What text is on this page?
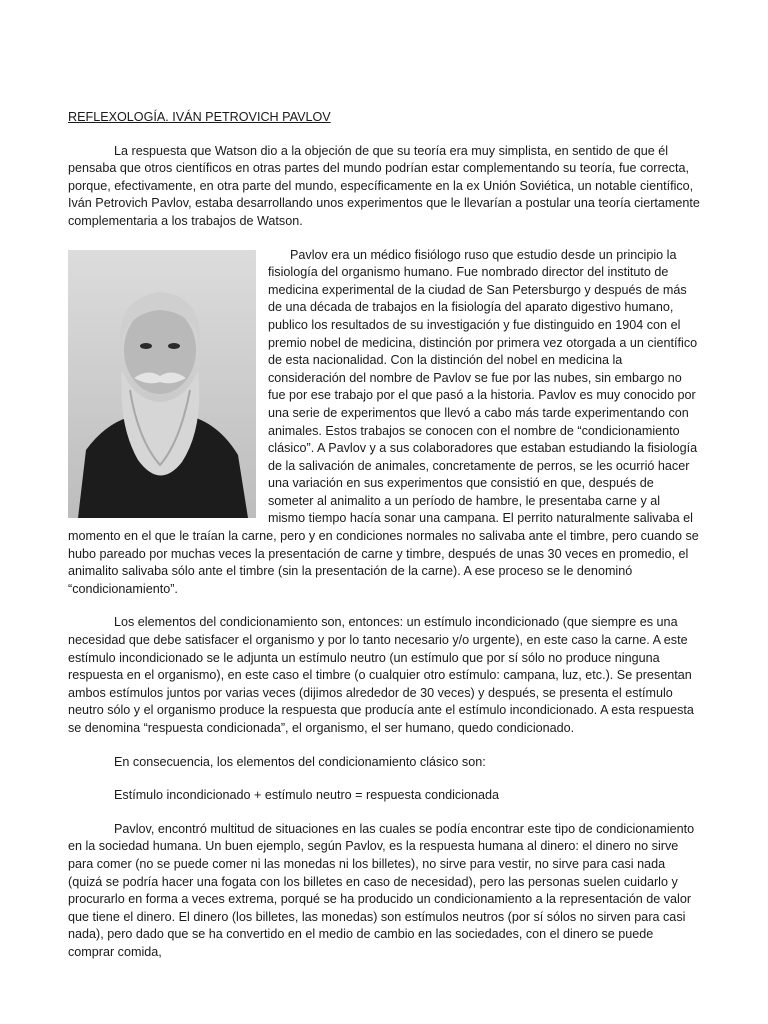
REFLEXOLOGÍA. IVÁN PETROVICH PAVLOV

La respuesta que Watson dio a la objeción de que su teoría era muy simplista, en sentido de que él pensaba que otros científicos en otras partes del mundo podrían estar complementando su teoría, fue correcta, porque, efectivamente, en otra parte del mundo, específicamente en la ex Unión Soviética, un notable científico, Iván Petrovich Pavlov, estaba desarrollando unos experimentos que le llevarían a postular una teoría ciertamente complementaria a los trabajos de Watson.

Pavlov era un médico fisiólogo ruso que estudio desde un principio la fisiología del organismo humano. Fue nombrado director del instituto de medicina experimental de la ciudad de San Petersburgo y después de más de una década de trabajos en la fisiología del aparato digestivo humano, publico los resultados de su investigación y fue distinguido en 1904 con el premio nobel de medicina, distinción por primera vez otorgada a un científico de esta nacionalidad. Con la distinción del nobel en medicina la consideración del nombre de Pavlov se fue por las nubes, sin embargo no fue por ese trabajo por el que pasó a la historia. Pavlov es muy conocido por una serie de experimentos que llevó a cabo más tarde experimentando con animales. Estos trabajos se conocen con el nombre de “condicionamiento clásico”. A Pavlov y a sus colaboradores que estaban estudiando la fisiología de la salivación de animales, concretamente de perros, se les ocurrió hacer una variación en sus experimentos que consistió en que, después de someter al animalito a un período de hambre, le presentaba carne y al mismo tiempo hacía sonar una campana. El perrito naturalmente salivaba el momento en el que le traían la carne, pero y en condiciones normales no salivaba ante el timbre, pero cuando se hubo pareado por muchas veces la presentación de carne y timbre, después de unas 30 veces en promedio, el animalito salivaba sólo ante el timbre (sin la presentación de la carne). A ese proceso se le denominó “condicionamiento”.

Los elementos del condicionamiento son, entonces: un estímulo incondicionado (que siempre es una necesidad que debe satisfacer el organismo y por lo tanto necesario y/o urgente), en este caso la carne. A este estímulo incondicionado se le adjunta un estímulo neutro (un estímulo que por sí sólo no produce ninguna respuesta en el organismo), en este caso el timbre (o cualquier otro estímulo: campana, luz, etc.). Se presentan ambos estímulos juntos por varias veces (dijimos alrededor de 30 veces) y después, se presenta el estímulo neutro sólo y el organismo produce la respuesta que producía ante el estímulo incondicionado. A esta respuesta se denomina “respuesta condicionada”, el organismo, el ser humano, quedo condicionado.

En consecuencia, los elementos del condicionamiento clásico son:

Estímulo incondicionado + estímulo neutro = respuesta condicionada

Pavlov, encontró multitud de situaciones en las cuales se podía encontrar este tipo de condicionamiento en la sociedad humana. Un buen ejemplo, según Pavlov, es la respuesta humana al dinero: el dinero no sirve para comer (no se puede comer ni las monedas ni los billetes), no sirve para vestir, no sirve para casi nada (quizá se podría hacer una fogata con los billetes en caso de necesidad), pero las personas suelen cuidarlo y procurarlo en forma a veces extrema, porqué se ha producido un condicionamiento a la representación de valor que tiene el dinero. El dinero (los billetes, las monedas) son estímulos neutros (por sí sólos no sirven para casi nada), pero dado que se ha convertido en el medio de cambio en las sociedades, con el dinero se puede comprar comida,
